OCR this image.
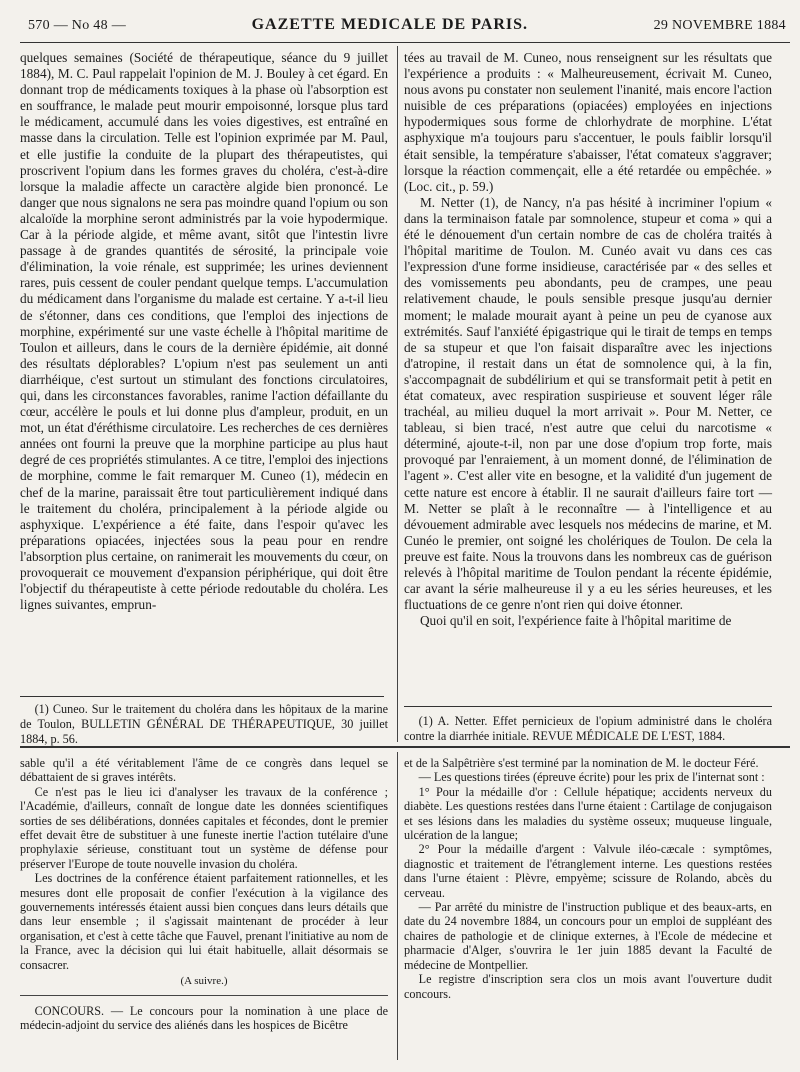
570 — No 48 —	GAZETTE MEDICALE DE PARIS.	29 NOVEMBRE 1884

quelques semaines (Société de thérapeutique, séance du 9 juillet 1884), M. C. Paul rappelait l'opinion de M. J. Bouley à cet égard. En donnant trop de médicaments toxiques à la phase où l'absorption est en souffrance, le malade peut mourir empoisonné, lorsque plus tard le médicament, accumulé dans les voies digestives, est entraîné en masse dans la circulation. Telle est l'opinion exprimée par M. Paul, et elle justifie la conduite de la plupart des thérapeutistes, qui proscrivent l'opium dans les formes graves du choléra, c'est-à-dire lorsque la maladie affecte un caractère algide bien prononcé. Le danger que nous signalons ne sera pas moindre quand l'opium ou son alcaloïde la morphine seront administrés par la voie hypodermique. Car à la période algide, et même avant, sitôt que l'intestin livre passage à de grandes quantités de sérosité, la principale voie d'élimination, la voie rénale, est supprimée; les urines deviennent rares, puis cessent de couler pendant quelque temps. L'accumulation du médicament dans l'organisme du malade est certaine. Y a-t-il lieu de s'étonner, dans ces conditions, que l'emploi des injections de morphine, expérimenté sur une vaste échelle à l'hôpital maritime de Toulon et ailleurs, dans le cours de la dernière épidémie, ait donné des résultats déplorables? L'opium n'est pas seulement un anti diarrhéique, c'est surtout un stimulant des fonctions circulatoires, qui, dans les circonstances favorables, ranime l'action défaillante du cœur, accélère le pouls et lui donne plus d'ampleur, produit, en un mot, un état d'éréthisme circulatoire. Les recherches de ces dernières années ont fourni la preuve que la morphine participe au plus haut degré de ces propriétés stimulantes. A ce titre, l'emploi des injections de morphine, comme le fait remarquer M. Cuneo (1), médecin en chef de la marine, paraissait être tout particulièrement indiqué dans le traitement du choléra, principalement à la période algide ou asphyxique. L'expérience a été faite, dans l'espoir qu'avec les préparations opiacées, injectées sous la peau pour en rendre l'absorption plus certaine, on ranimerait les mouvements du cœur, on provoquerait ce mouvement d'expansion périphérique, qui doit être l'objectif du thérapeutiste à cette période redoutable du choléra. Les lignes suivantes, emprun-

(1) Cuneo. Sur le traitement du choléra dans les hôpitaux de la marine de Toulon, BULLETIN GÉNÉRAL DE THÉRAPEUTIQUE, 30 juillet 1884, p. 56.

tées au travail de M. Cuneo, nous renseignent sur les résultats que l'expérience a produits : « Malheureusement, écrivait M. Cuneo, nous avons pu constater non seulement l'inanité, mais encore l'action nuisible de ces préparations (opiacées) employées en injections hypodermiques sous forme de chlorhydrate de morphine. L'état asphyxique m'a toujours paru s'accentuer, le pouls faiblir lorsqu'il était sensible, la température s'abaisser, l'état comateux s'aggraver; lorsque la réaction commençait, elle a été retardée ou empêchée. » (Loc. cit., p. 59.)

M. Netter (1), de Nancy, n'a pas hésité à incriminer l'opium « dans la terminaison fatale par somnolence, stupeur et coma » qui a été le dénouement d'un certain nombre de cas de choléra traités à l'hôpital maritime de Toulon. M. Cunéo avait vu dans ces cas l'expression d'une forme insidieuse, caractérisée par « des selles et des vomissements peu abondants, peu de crampes, une peau relativement chaude, le pouls sensible presque jusqu'au dernier moment; le malade mourait ayant à peine un peu de cyanose aux extrémités. Sauf l'anxiété épigastrique qui le tirait de temps en temps de sa stupeur et que l'on faisait disparaître avec les injections d'atropine, il restait dans un état de somnolence qui, à la fin, s'accompagnait de subdélirium et qui se transformait petit à petit en état comateux, avec respiration suspirieuse et souvent léger râle trachéal, au milieu duquel la mort arrivait ». Pour M. Netter, ce tableau, si bien tracé, n'est autre que celui du narcotisme « déterminé, ajoute-t-il, non par une dose d'opium trop forte, mais provoqué par l'enraiement, à un moment donné, de l'élimination de l'agent ». C'est aller vite en besogne, et la validité d'un jugement de cette nature est encore à établir. Il ne saurait d'ailleurs faire tort — M. Netter se plaît à le reconnaître — à l'intelligence et au dévouement admirable avec lesquels nos médecins de marine, et M. Cunéo le premier, ont soigné les cholériques de Toulon. De cela la preuve est faite. Nous la trouvons dans les nombreux cas de guérison relevés à l'hôpital maritime de Toulon pendant la récente épidémie, car avant la série malheureuse il y a eu les séries heureuses, et les fluctuations de ce genre n'ont rien qui doive étonner.

Quoi qu'il en soit, l'expérience faite à l'hôpital maritime de

(1) A. Netter. Effet pernicieux de l'opium administré dans le choléra contre la diarrhée initiale. REVUE MÉDICALE DE L'EST, 1884.

sable qu'il a été véritablement l'âme de ce congrès dans lequel se débattaient de si graves intérêts.

Ce n'est pas le lieu ici d'analyser les travaux de la conférence ; l'Académie, d'ailleurs, connaît de longue date les données scientifiques sorties de ses délibérations, données capitales et fécondes, dont le premier effet devait être de substituer à une funeste inertie l'action tutélaire d'une prophylaxie sérieuse, constituant tout un système de défense pour préserver l'Europe de toute nouvelle invasion du choléra.

Les doctrines de la conférence étaient parfaitement rationnelles, et les mesures dont elle proposait de confier l'exécution à la vigilance des gouvernements intéressés étaient aussi bien conçues dans leurs détails que dans leur ensemble ; il s'agissait maintenant de procéder à leur organisation, et c'est à cette tâche que Fauvel, prenant l'initiative au nom de la France, avec la décision qui lui était habituelle, allait désormais se consacrer.

(A suivre.)

CONCOURS. — Le concours pour la nomination à une place de médecin-adjoint du service des aliénés dans les hospices de Bicêtre

et de la Salpêtrière s'est terminé par la nomination de M. le docteur Féré.

— Les questions tirées (épreuve écrite) pour les prix de l'internat sont :

1° Pour la médaille d'or : Cellule hépatique; accidents nerveux du diabète. Les questions restées dans l'urne étaient : Cartilage de conjugaison et ses lésions dans les maladies du système osseux; muqueuse linguale, ulcération de la langue;

2° Pour la médaille d'argent : Valvule iléo-cæcale : symptômes, diagnostic et traitement de l'étranglement interne. Les questions restées dans l'urne étaient : Plèvre, empyème; scissure de Rolando, abcès du cerveau.

— Par arrêté du ministre de l'instruction publique et des beaux-arts, en date du 24 novembre 1884, un concours pour un emploi de suppléant des chaires de pathologie et de clinique externes, à l'Ecole de médecine et pharmacie d'Alger, s'ouvrira le 1er juin 1885 devant la Faculté de médecine de Montpellier.

Le registre d'inscription sera clos un mois avant l'ouverture dudit concours.
